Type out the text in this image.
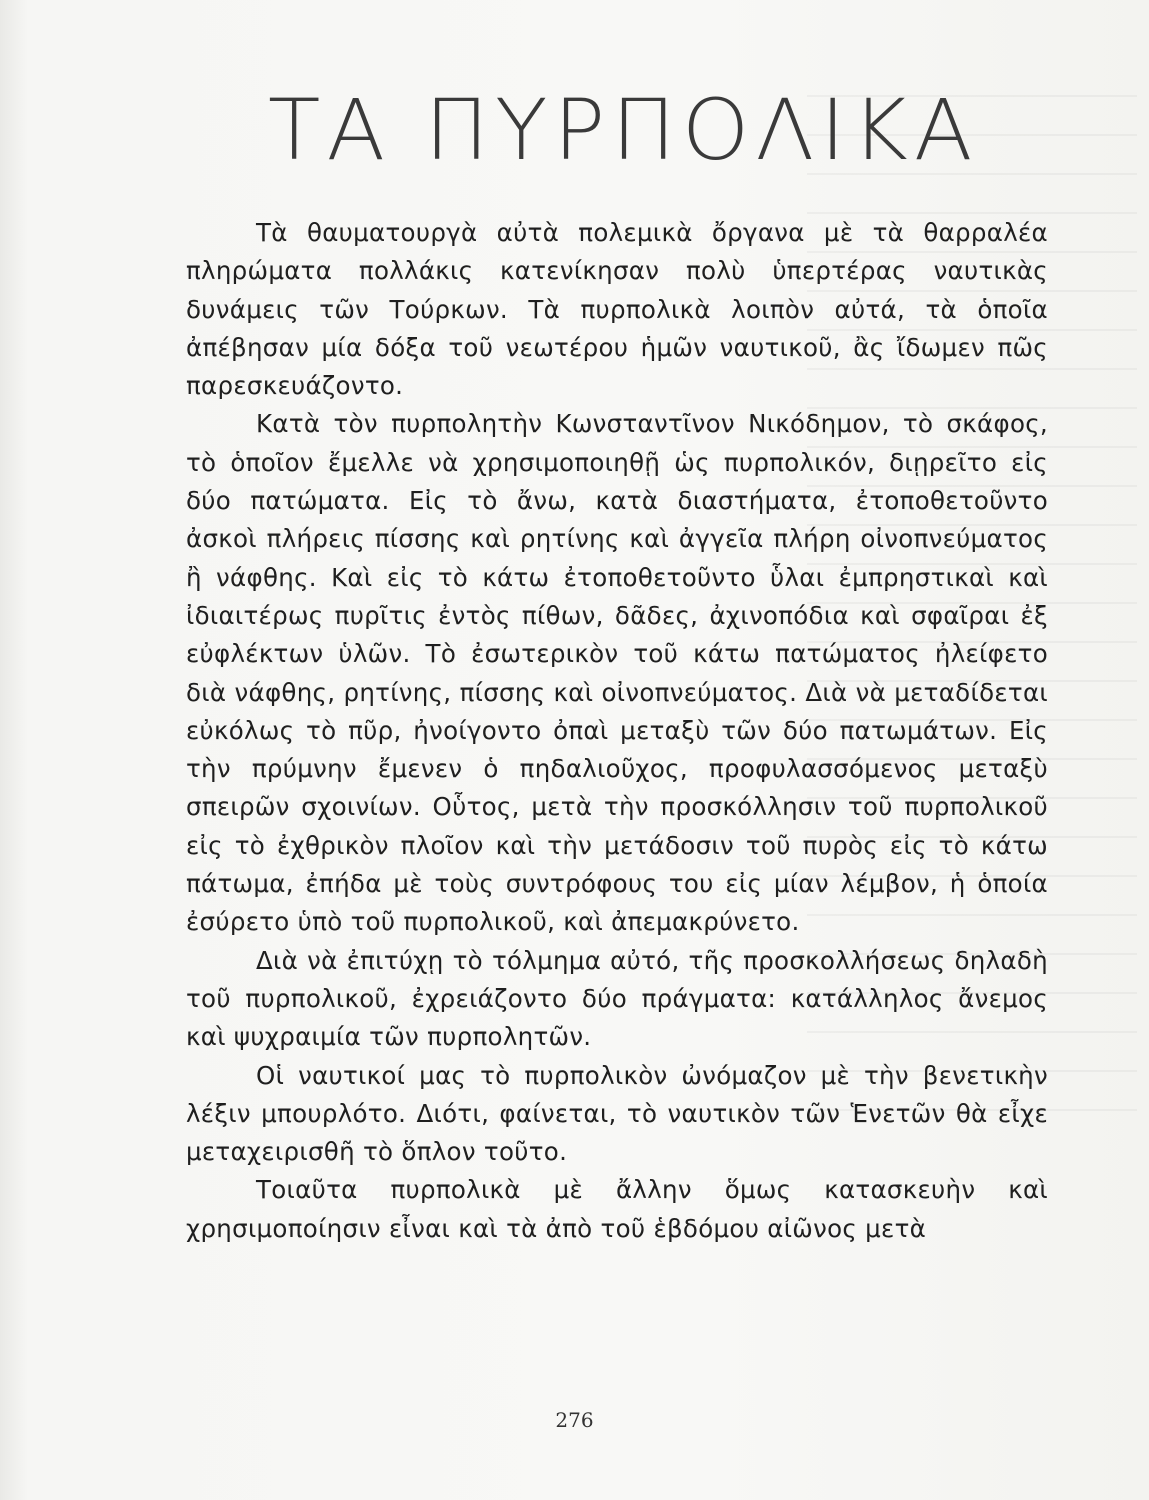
ΤΑ ΠΥΡΠΟΛΙΚΑ

Τὰ θαυματουργὰ αὐτὰ πολεμικὰ ὄργανα μὲ τὰ θαρραλέα πληρώματα πολλάκις κατενίκησαν πολὺ ὑπερτέρας ναυτικὰς δυνάμεις τῶν Τούρκων. Τὰ πυρπολικὰ λοιπὸν αὐτά, τὰ ὁποῖα ἀπέβησαν μία δόξα τοῦ νεωτέρου ἡμῶν ναυτικοῦ, ἂς ἴδωμεν πῶς παρεσκευάζοντο.

Κατὰ τὸν πυρπολητὴν Κωνσταντῖνον Νικόδημον, τὸ σκάφος, τὸ ὁποῖον ἔμελλε νὰ χρησιμοποιηθῇ ὡς πυρπολικόν, διῃρεῖτο εἰς δύο πατώματα. Εἰς τὸ ἄνω, κατὰ διαστήματα, ἐτοποθετοῦντο ἀσκοὶ πλήρεις πίσσης καὶ ρητίνης καὶ ἀγγεῖα πλήρη οἰνοπνεύματος ἢ νάφθης. Καὶ εἰς τὸ κάτω ἐτοποθετοῦντο ὗλαι ἐμπρηστικαὶ καὶ ἰδιαιτέρως πυρῖτις ἐντὸς πίθων, δᾶδες, ἀχινοπόδια καὶ σφαῖραι ἐξ εὐφλέκτων ὑλῶν. Τὸ ἐσωτερικὸν τοῦ κάτω πατώματος ἠλείφετο διὰ νάφθης, ρητίνης, πίσσης καὶ οἰνοπνεύματος. Διὰ νὰ μεταδίδεται εὐκόλως τὸ πῦρ, ἠνοίγοντο ὀπαὶ μεταξὺ τῶν δύο πατωμάτων. Εἰς τὴν πρύμνην ἔμενεν ὁ πηδαλιοῦχος, προφυλασσόμενος μεταξὺ σπειρῶν σχοινίων. Οὗτος, μετὰ τὴν προσκόλλησιν τοῦ πυρπολικοῦ εἰς τὸ ἐχθρικὸν πλοῖον καὶ τὴν μετάδοσιν τοῦ πυρὸς εἰς τὸ κάτω πάτωμα, ἐπήδα μὲ τοὺς συντρόφους του εἰς μίαν λέμβον, ἡ ὁποία ἐσύρετο ὑπὸ τοῦ πυρπολικοῦ, καὶ ἀπεμακρύνετο.

Διὰ νὰ ἐπιτύχῃ τὸ τόλμημα αὐτό, τῆς προσκολλήσεως δηλαδὴ τοῦ πυρπολικοῦ, ἐχρειάζοντο δύο πράγματα: κατάλληλος ἄνεμος καὶ ψυχραιμία τῶν πυρπολητῶν.

Οἱ ναυτικοί μας τὸ πυρπολικὸν ὠνόμαζον μὲ τὴν βενετικὴν λέξιν μπουρλότο. Διότι, φαίνεται, τὸ ναυτικὸν τῶν Ἑνετῶν θὰ εἶχε μεταχειρισθῆ τὸ ὅπλον τοῦτο.

Τοιαῦτα πυρπολικὰ μὲ ἄλλην ὅμως κατασκευὴν καὶ χρησιμοποίησιν εἶναι καὶ τὰ ἀπὸ τοῦ ἑβδόμου αἰῶνος μετὰ

276
